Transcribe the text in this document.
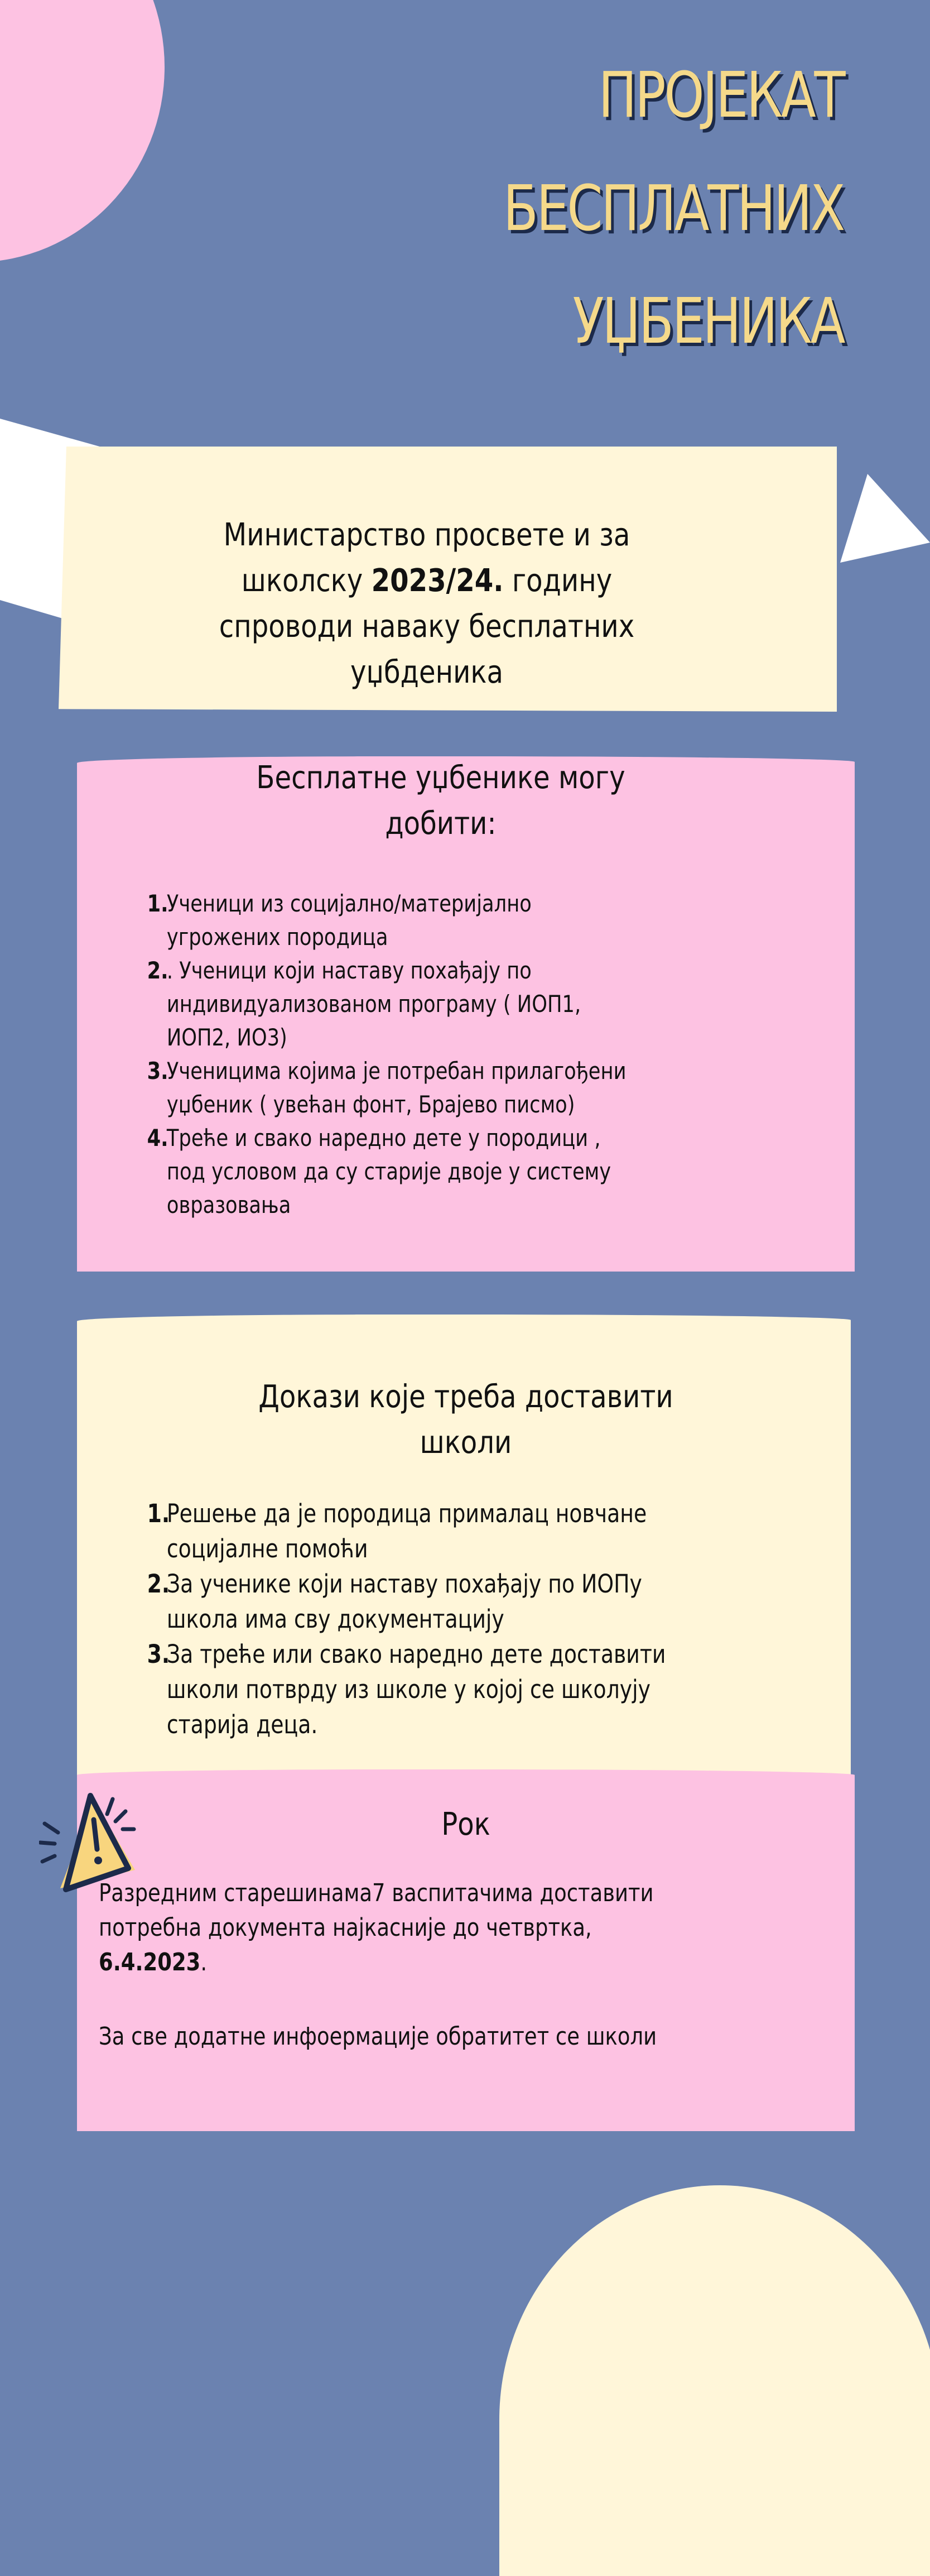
ПРОЈЕКАТ
БЕСПЛАТНИХ
УЏБЕНИКА
Министарство просвете и за
школску 2023/24. годину
спроводи наваку бесплатних
уџбденика
Бесплатне уџбенике могу
добити:
1.
Ученици из социјално/материјално
угрожених породица
2.
. Ученици који наставу похађају по
индивидуализованом програму ( ИОП1,
ИОП2, ИО3)
3.
Ученицима којима је потребан прилагођени
уџбеник ( увећан фонт, Брајево писмо)
4.
Треће и свако наредно дете у породици ,
под условом да су старије двоје у систему
овразовања
Докази које треба доставити
школи
1.
Решење да је породица прималац новчане
социјалне помоћи
2.
За ученике који наставу похађају по ИОПу
школа има сву документацију
3.
За треће или свако наредно дете доставити
школи потврду из школе у којој се школују
старија деца.
Рок
Разредним старешинама7 васпитачима доставити
потребна документа најкасније до четвртка,
6.4.2023.
За све додатне инфоермације обратитет се школи
